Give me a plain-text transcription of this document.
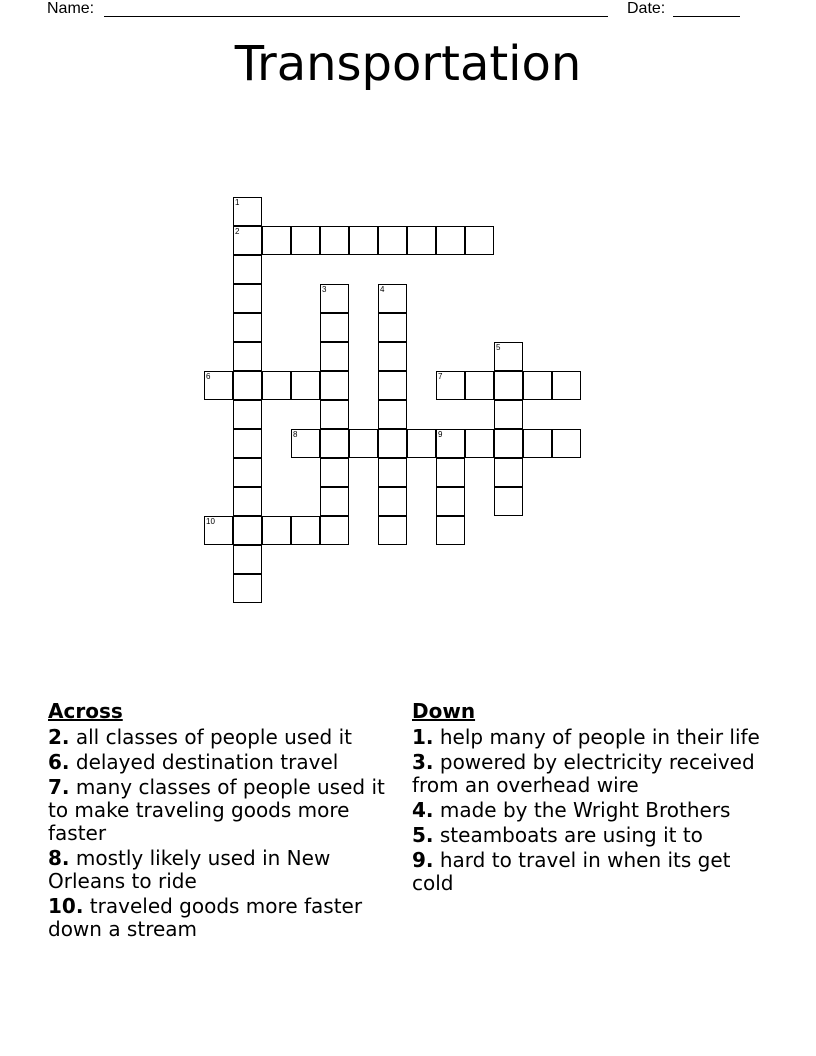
Name:	Date:
Transportation
1
2
3	4
5
6	7
8	9
10
Across
2. all classes of people used it
6. delayed destination travel
7. many classes of people used it to make traveling goods more faster
8. mostly likely used in New Orleans to ride
10. traveled goods more faster down a stream
Down
1. help many of people in their life
3. powered by electricity received from an overhead wire
4. made by the Wright Brothers
5. steamboats are using it to
9. hard to travel in when its get cold
